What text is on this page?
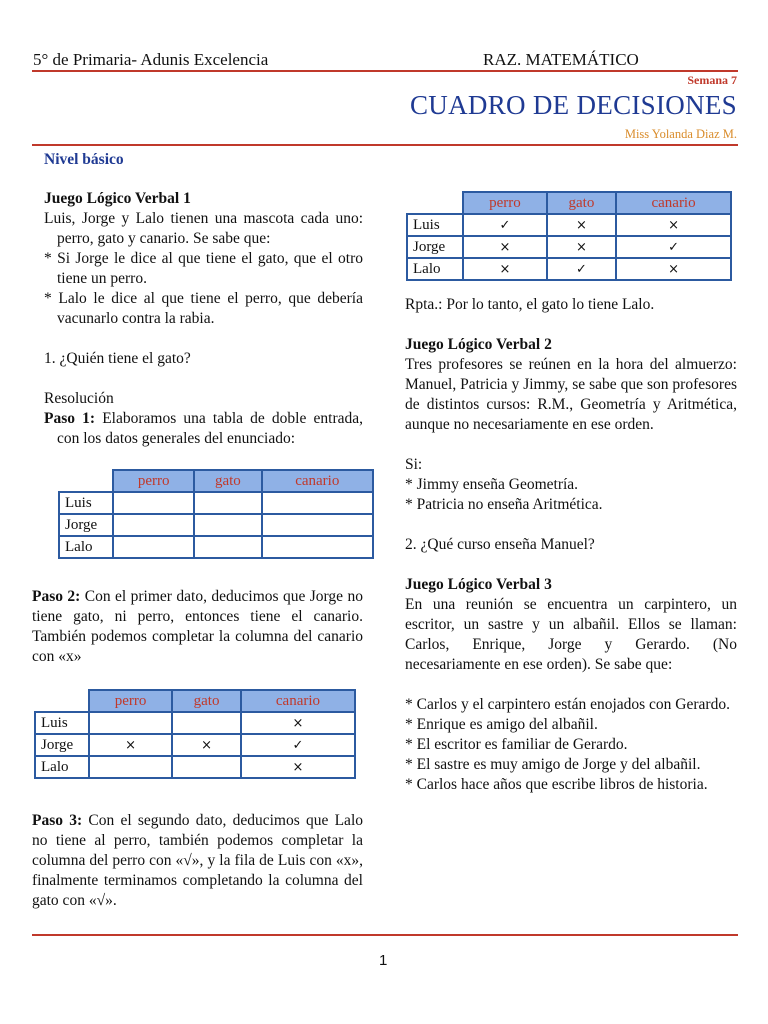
5° de Primaria- Adunis Excelencia	RAZ. MATEMÁTICO
Semana 7
CUADRO DE DECISIONES
Miss Yolanda Diaz M.
Nivel básico

Juego Lógico Verbal 1

Luis, Jorge y Lalo tienen una mascota cada uno: perro, gato y canario. Se sabe que:

* Si Jorge le dice al que tiene el gato, que el otro tiene un perro.

* Lalo le dice al que tiene el perro, que debería vacunarlo contra la rabia.

1. ¿Quién tiene el gato?

Resolución

Paso 1: Elaboramos una tabla de doble entrada, con los datos generales del enunciado:

	perro	gato	canario
Luis			
Jorge			
Lalo			

Paso 2: Con el primer dato, deducimos que Jorge no tiene gato, ni perro, entonces tiene el canario. También podemos completar la columna del canario con «x»

	perro	gato	canario
Luis			×
Jorge	×	×	✓
Lalo			×

Paso 3: Con el segundo dato, deducimos que Lalo no tiene al perro, también podemos completar la columna del perro con «√», y la fila de Luis con «x», finalmente terminamos completando la columna del gato con «√».

	perro	gato	canario
Luis	✓	×	×
Jorge	×	×	✓
Lalo	×	✓	×

Rpta.: Por lo tanto, el gato lo tiene Lalo.

Juego Lógico Verbal 2

Tres profesores se reúnen en la hora del almuerzo: Manuel, Patricia y Jimmy, se sabe que son profesores de distintos cursos: R.M., Geometría y Aritmética, aunque no necesariamente en ese orden.

Si:

* Jimmy enseña Geometría.

* Patricia no enseña Aritmética.

2. ¿Qué curso enseña Manuel?

Juego Lógico Verbal 3

En una reunión se encuentra un carpintero, un escritor, un sastre y un albañil. Ellos se llaman: Carlos, Enrique, Jorge y Gerardo. (No necesariamente en ese orden). Se sabe que:

* Carlos y el carpintero están enojados con Gerardo.

* Enrique es amigo del albañil.

* El escritor es familiar de Gerardo.

* El sastre es muy amigo de Jorge y del albañil.

* Carlos hace años que escribe libros de historia.

1
